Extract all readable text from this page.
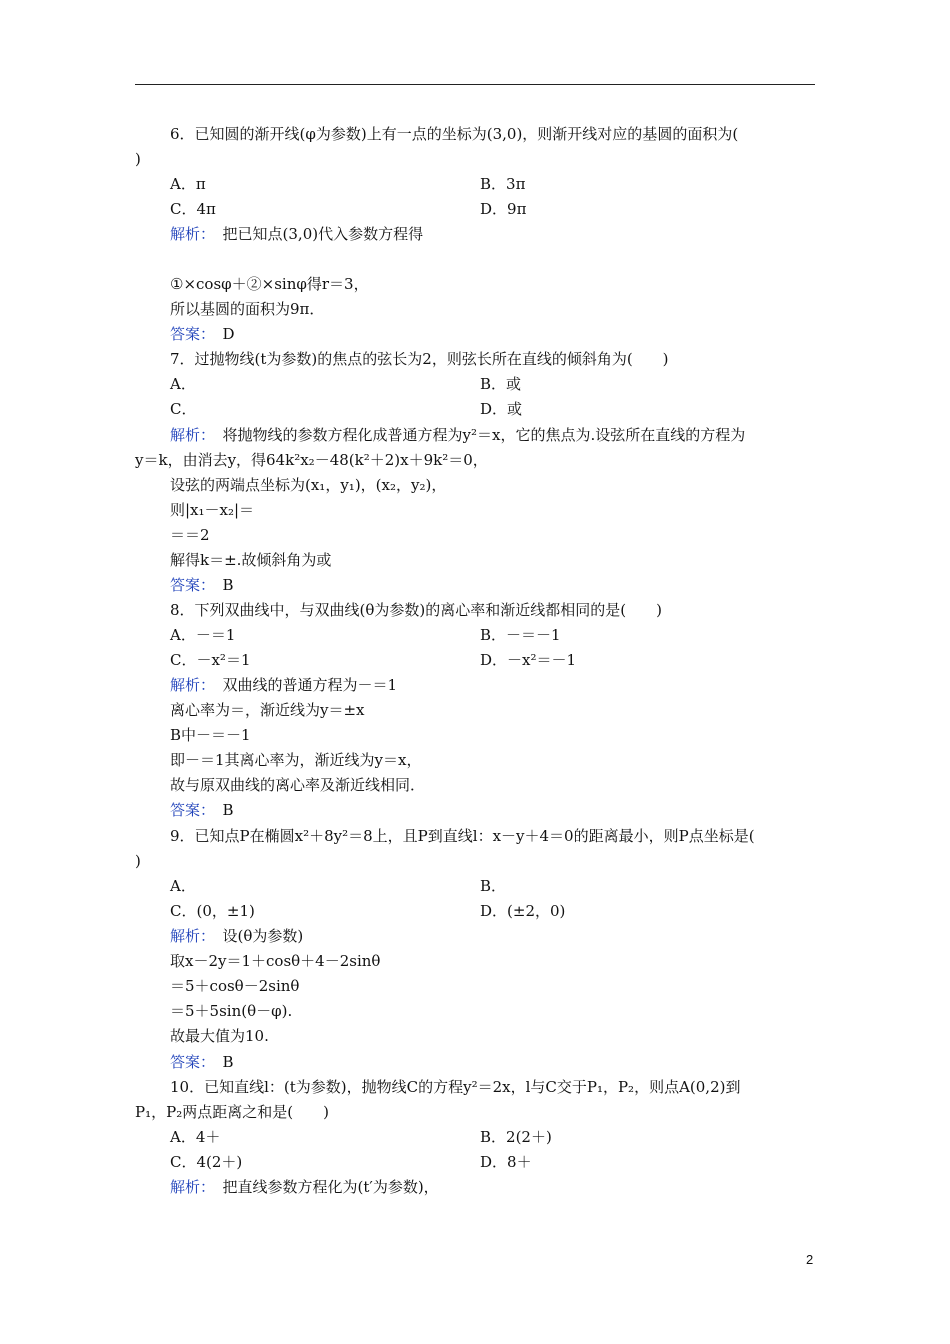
6．已知圆的渐开线(φ为参数)上有一点的坐标为(3,0)，则渐开线对应的基圆的面积为(
)
A．π	B．3π
C．4π	D．9π
解析：　 把已知点(3,0)代入参数方程得
①×cosφ＋②×sinφ得r＝3，
所以基圆的面积为9π．
答案：　 D
7．过抛物线(t为参数)的焦点的弦长为2，则弦长所在直线的倾斜角为(　　)
A．	B．或
C．	D．或
解析：　 将抛物线的参数方程化成普通方程为y²＝x，它的焦点为.设弦所在直线的方程为
y＝k，由消去y，得64k²x₂－48(k²＋2)x＋9k²＝0，
设弦的两端点坐标为(x₁，y₁)，(x₂，y₂)，
则|x₁－x₂|＝
＝＝2
解得k＝±.故倾斜角为或
答案：　 B
8．下列双曲线中，与双曲线(θ为参数)的离心率和渐近线都相同的是(　　)
A．－＝1	B．－＝－1
C．－x²＝1	D．－x²＝－1
解析：　 双曲线的普通方程为－＝1
离心率为＝，渐近线为y＝±x
B中－＝－1
即－＝1其离心率为，渐近线为y＝x，
故与原双曲线的离心率及渐近线相同．
答案：　 B
9．已知点P在椭圆x²＋8y²＝8上，且P到直线l：x－y＋4＝0的距离最小，则P点坐标是(
)
A．	B．
C．(0，±1)	D．(±2，0)
解析：　 设(θ为参数)
取x－2y＝1＋cosθ＋4－2sinθ
＝5＋cosθ－2sinθ
＝5＋5sin(θ－φ).
故最大值为10.
答案：　 B
10．已知直线l：(t为参数)，抛物线C的方程y²＝2x，l与C交于P₁，P₂，则点A(0,2)到
P₁，P₂两点距离之和是(　　)
A．4＋	B．2(2＋)
C．4(2＋)	D．8＋
解析：　 把直线参数方程化为(t′为参数)，
2
